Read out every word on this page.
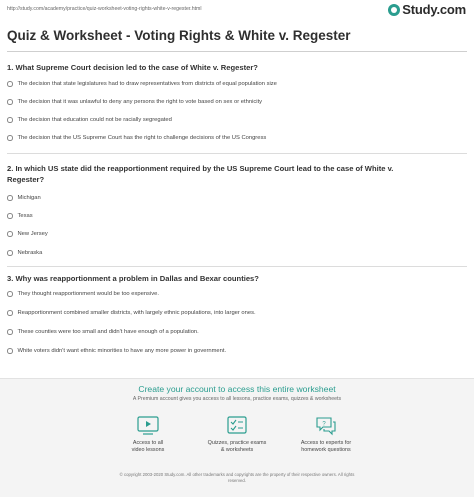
http://study.com/academy/practice/quiz-worksheet-voting-rights-white-v-regester.html	Study.com
Quiz & Worksheet - Voting Rights & White v. Regester
1. What Supreme Court decision led to the case of White v. Regester?
The decision that state legislatures had to draw representatives from districts of equal population size
The decision that it was unlawful to deny any persons the right to vote based on sex or ethnicity
The decision that education could not be racially segregated
The decision that the US Supreme Court has the right to challenge decisions of the US Congress
2. In which US state did the reapportionment required by the US Supreme Court lead to the case of White v.
Regester?
Michigan
Texas
New Jersey
Nebraska
3. Why was reapportionment a problem in Dallas and Bexar counties?
They thought reapportionment would be too expensive.
Reapportionment combined smaller districts, with largely ethnic populations, into larger ones.
These counties were too small and didn't have enough of a population.
White voters didn't want ethnic minorities to have any more power in government.
Create your account to access this entire worksheet
A Premium account gives you access to all lessons, practice exams, quizzes & worksheets
Access to all
video lessons
Quizzes, practice exams
& worksheets
?
Access to experts for
homework questions
© copyright 2003-2020 Study.com. All other trademarks and copyrights are the property of their respective owners. All rights
reserved.
